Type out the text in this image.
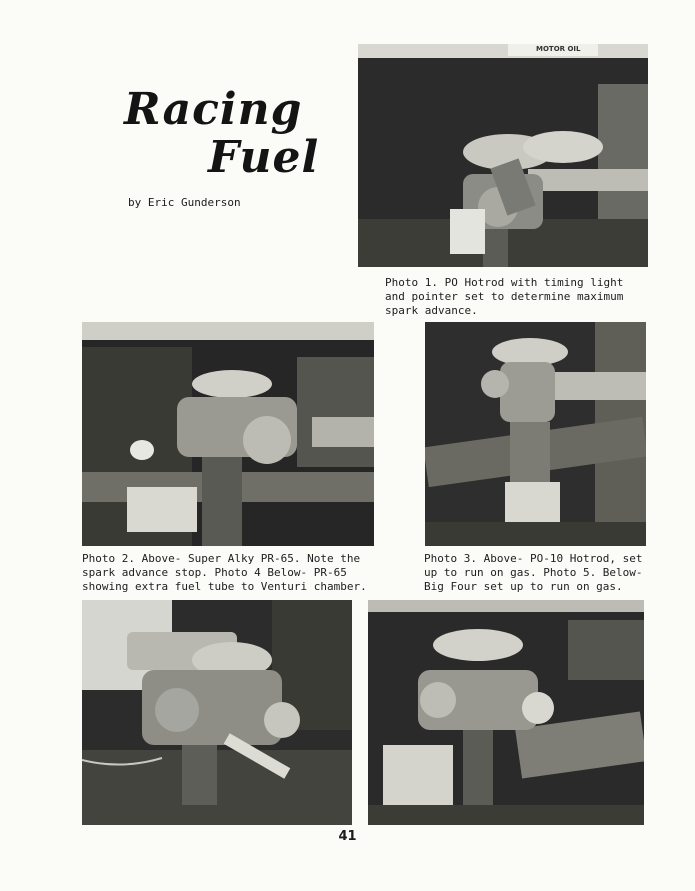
Racing
Fuel
by Eric Gunderson
MOTOR OIL
Photo 1. PO Hotrod with timing light
and pointer set to determine maximum
spark advance.
Photo 2. Above- Super Alky PR-65. Note the
spark advance stop. Photo 4 Below- PR-65
showing extra fuel tube to Venturi chamber.
Photo 3. Above- PO-10 Hotrod, set
up to run on gas. Photo 5. Below-
Big Four set up to run on gas.
41
